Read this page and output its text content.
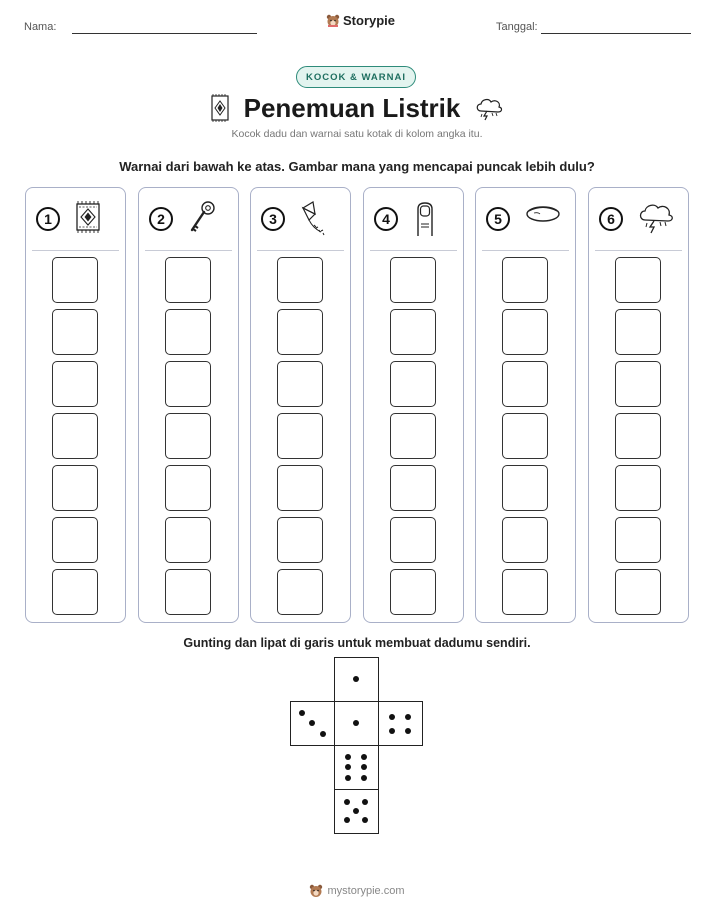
Nama:	Storypie	Tanggal:
KOCOK & WARNAI
Penemuan Listrik
Kocok dadu dan warnai satu kotak di kolom angka itu.
Warnai dari bawah ke atas. Gambar mana yang mencapai puncak lebih dulu?
1	2	3	4	5	6
Gunting dan lipat di garis untuk membuat dadumu sendiri.
mystorypie.com
